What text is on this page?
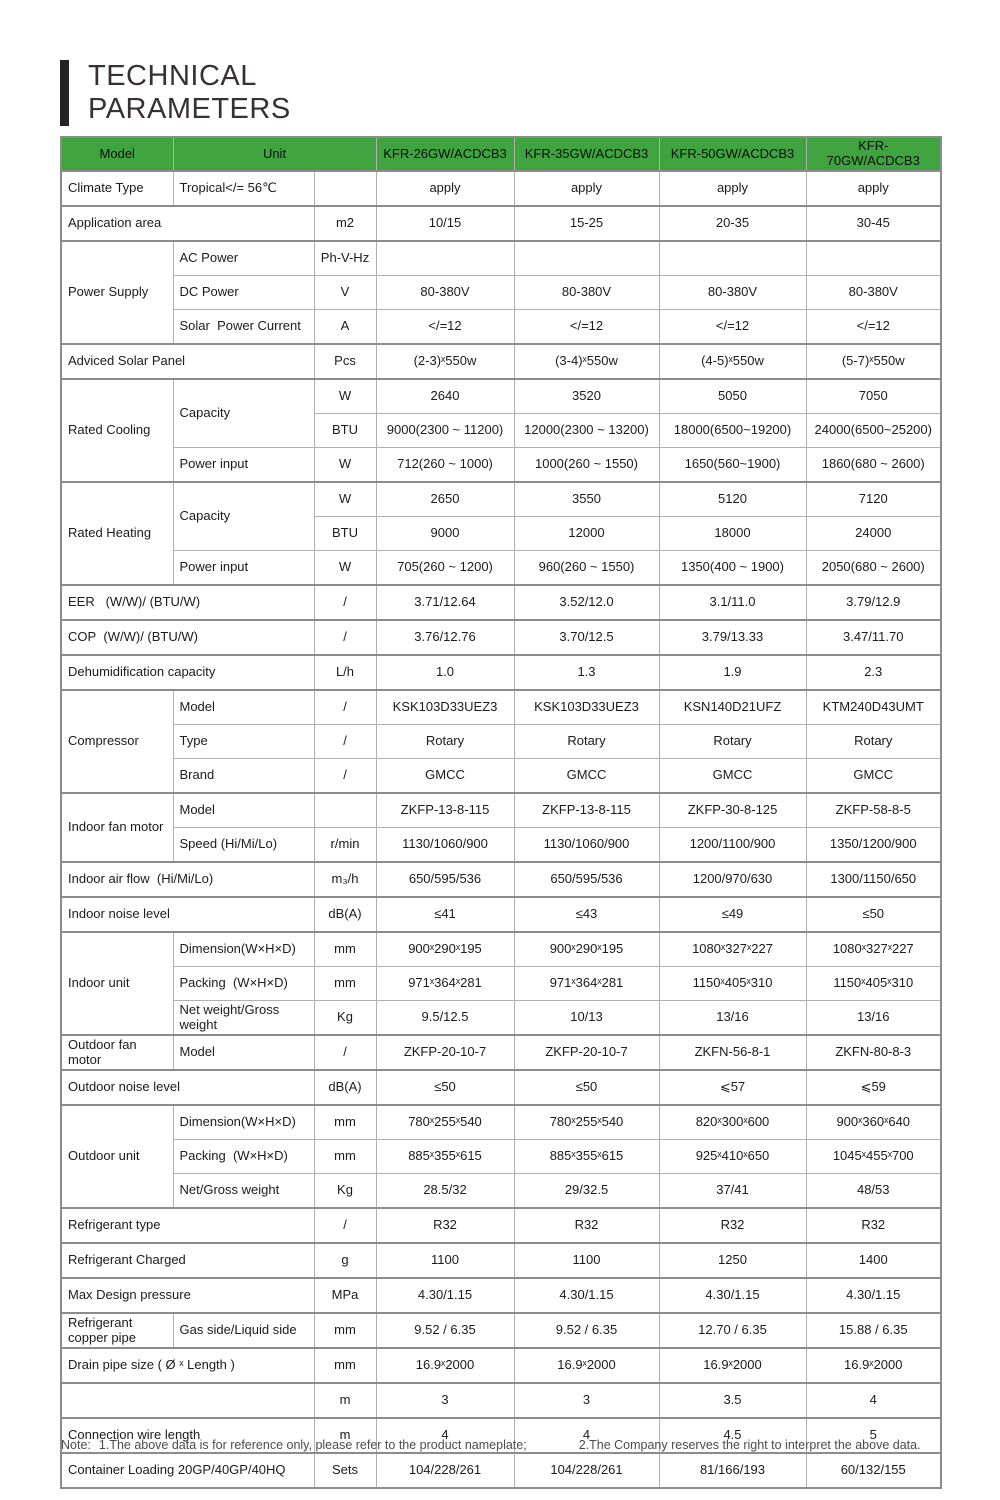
TECHNICAL
PARAMETERS
Model	Unit		KFR-26GW/ACDCB3	KFR-35GW/ACDCB3	KFR-50GW/ACDCB3	KFR-70GW/ACDCB3
Climate Type	Tropical</= 56℃		apply	apply	apply	apply
Application area		m2	10/15	15-25	20-35	30-45
Power Supply	AC Power	Ph-V-Hz				
	DC Power	V	80-380V	80-380V	80-380V	80-380V
	Solar  Power Current	A	</=12	</=12	</=12	</=12
Adviced Solar Panel		Pcs	(2-3)ˣ550w	(3-4)ˣ550w	(4-5)ˣ550w	(5-7)ˣ550w
Rated Cooling	Capacity	W	2640	3520	5050	7050
		BTU	9000(2300 ~ 11200)	12000(2300 ~ 13200)	18000(6500~19200)	24000(6500~25200)
	Power input	W	712(260 ~ 1000)	1000(260 ~ 1550)	1650(560~1900)	1860(680 ~ 2600)
Rated Heating	Capacity	W	2650	3550	5120	7120
		BTU	9000	12000	18000	24000
	Power input	W	705(260 ~ 1200)	960(260 ~ 1550)	1350(400 ~ 1900)	2050(680 ~ 2600)
EER   (W/W)/ (BTU/W)		/	3.71/12.64	3.52/12.0	3.1/11.0	3.79/12.9
COP  (W/W)/ (BTU/W)		/	3.76/12.76	3.70/12.5	3.79/13.33	3.47/11.70
Dehumidification capacity		L/h	1.0	1.3	1.9	2.3
Compressor	Model	/	KSK103D33UEZ3	KSK103D33UEZ3	KSN140D21UFZ	KTM240D43UMT
	Type	/	Rotary	Rotary	Rotary	Rotary
	Brand	/	GMCC	GMCC	GMCC	GMCC
Indoor fan motor	Model		ZKFP-13-8-115	ZKFP-13-8-115	ZKFP-30-8-125	ZKFP-58-8-5
	Speed (Hi/Mi/Lo)	r/min	1130/1060/900	1130/1060/900	1200/1100/900	1350/1200/900
Indoor air flow  (Hi/Mi/Lo)		m₃/h	650/595/536	650/595/536	1200/970/630	1300/1150/650
Indoor noise level		dB(A)	≤41	≤43	≤49	≤50
Indoor unit	Dimension(W×H×D)	mm	900ˣ290ˣ195	900ˣ290ˣ195	1080ˣ327ˣ227	1080ˣ327ˣ227
	Packing  (W×H×D)	mm	971ˣ364ˣ281	971ˣ364ˣ281	1150ˣ405ˣ310	1150ˣ405ˣ310
	Net weight/Gross weight	Kg	9.5/12.5	10/13	13/16	13/16
Outdoor fan motor	Model	/	ZKFP-20-10-7	ZKFP-20-10-7	ZKFN-56-8-1	ZKFN-80-8-3
Outdoor noise level		dB(A)	≤50	≤50	⩽57	⩽59
Outdoor unit	Dimension(W×H×D)	mm	780ˣ255ˣ540	780ˣ255ˣ540	820ˣ300ˣ600	900ˣ360ˣ640
	Packing  (W×H×D)	mm	885ˣ355ˣ615	885ˣ355ˣ615	925ˣ410ˣ650	1045ˣ455ˣ700
	Net/Gross weight	Kg	28.5/32	29/32.5	37/41	48/53
Refrigerant type		/	R32	R32	R32	R32
Refrigerant Charged		g	1100	1100	1250	1400
Max Design pressure		MPa	4.30/1.15	4.30/1.15	4.30/1.15	4.30/1.15
Refrigerant copper pipe	Gas side/Liquid side	mm	9.52 / 6.35	9.52 / 6.35	12.70 / 6.35	15.88 / 6.35
Drain pipe size ( Ø ˣ Length )		mm	16.9ˣ2000	16.9ˣ2000	16.9ˣ2000	16.9ˣ2000
		m	3	3	3.5	4
Connection wire length		m	4	4	4.5	5
Container Loading 20GP/40GP/40HQ		Sets	104/228/261	104/228/261	81/166/193	60/132/155
Note: 1.The above data is for reference only, please refer to the product nameplate;	2.The Company reserves the right to interpret the above data.
